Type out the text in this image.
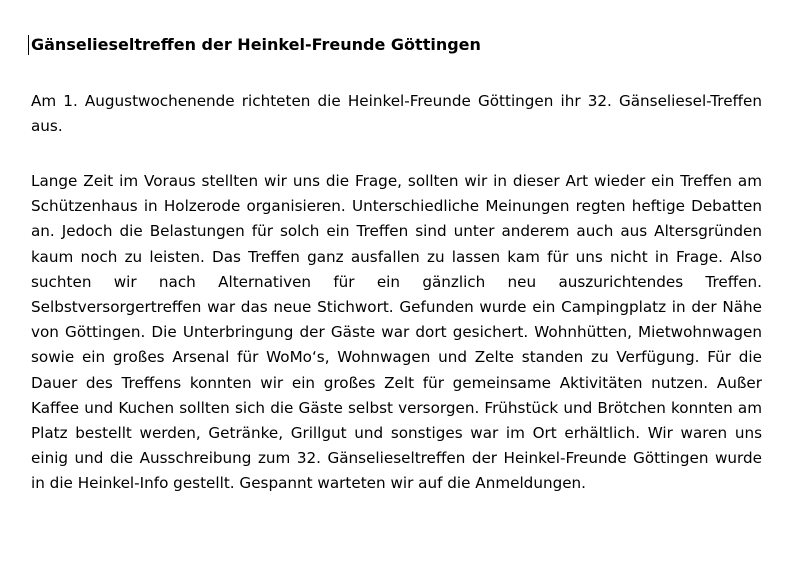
Gänselieseltreffen der Heinkel-Freunde Göttingen

Am 1. Augustwochenende richteten die Heinkel-Freunde Göttingen ihr 32. Gänseliesel-Treffen aus.

Lange Zeit im Voraus stellten wir uns die Frage, sollten wir in dieser Art wieder ein Treffen am Schützenhaus in Holzerode organisieren. Unterschiedliche Meinungen regten heftige Debatten an. Jedoch die Belastungen für solch ein Treffen sind unter anderem auch aus Altersgründen kaum noch zu leisten. Das Treffen ganz ausfallen zu lassen kam für uns nicht in Frage. Also suchten wir nach Alternativen für ein gänzlich neu auszurichtendes Treffen. Selbstversorgertreffen war das neue Stichwort. Gefunden wurde ein Campingplatz in der Nähe von Göttingen. Die Unterbringung der Gäste war dort gesichert. Wohnhütten, Mietwohnwagen sowie ein großes Arsenal für WoMo‘s, Wohnwagen und Zelte standen zu Verfügung. Für die Dauer des Treffens konnten wir ein großes Zelt für gemeinsame Aktivitäten nutzen. Außer Kaffee und Kuchen sollten sich die Gäste selbst versorgen. Frühstück und Brötchen konnten am Platz bestellt werden, Getränke, Grillgut und sonstiges war im Ort erhältlich. Wir waren uns einig und die Ausschreibung zum 32. Gänselieseltreffen der Heinkel-Freunde Göttingen wurde in die Heinkel-Info gestellt. Gespannt warteten wir auf die Anmeldungen.
